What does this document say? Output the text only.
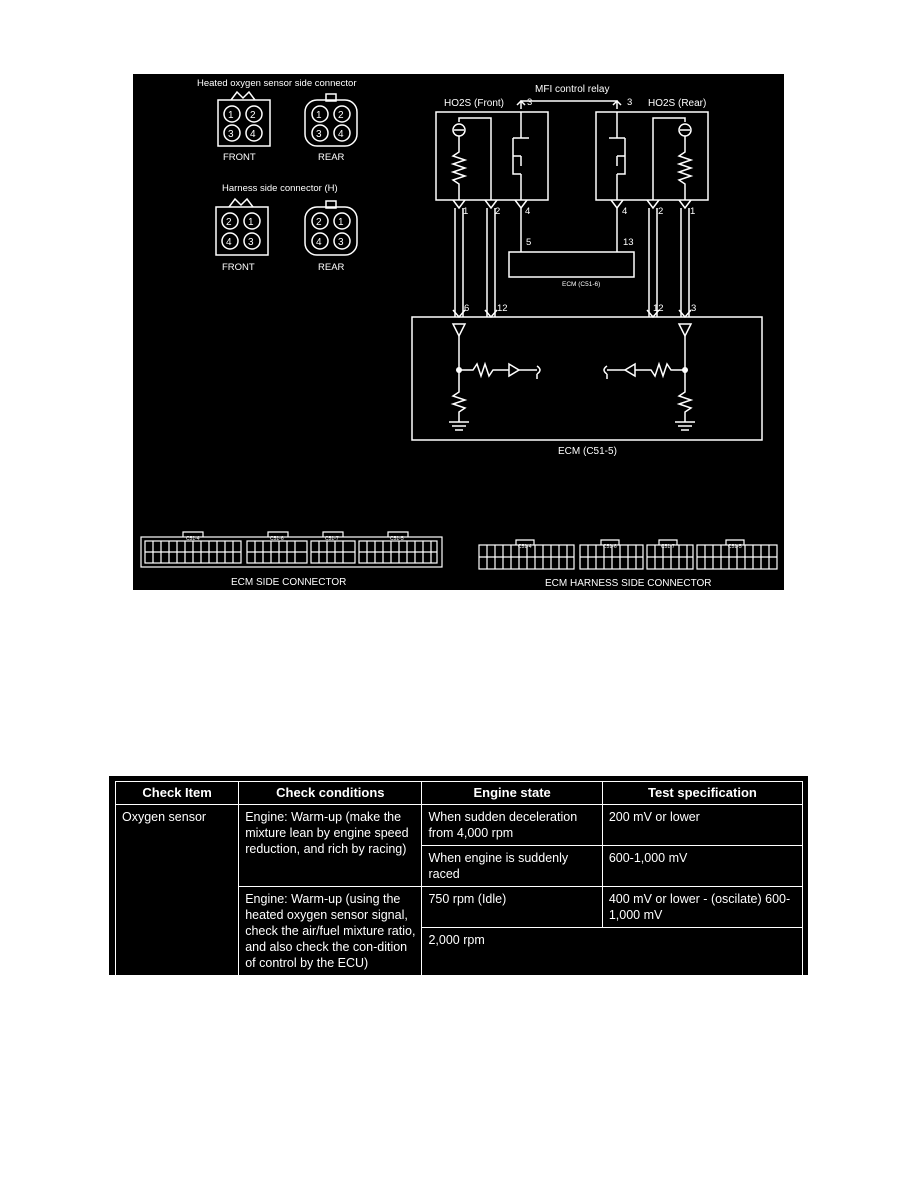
Heated oxygen sensor side connector
Harness side connector (H)
1 2
3 4
FRONT
1 2
3 4
REAR
2 1
4 3
FRONT
2 1
4 3
REAR
MFI control relay
HO2S (Front)	HO2S (Rear)
3	3
1	2	4	4	2	1
5	13
ECM (C51-6)
6	12	12	3
ECM (C51-5)
C51-4	C51-6	C51-7	C51-5
ECM SIDE CONNECTOR
C51-4	C51-6	C51-7	C51-5
ECM HARNESS SIDE CONNECTOR
Check Item	Check conditions	Engine state	Test specification
Oxygen sensor	Engine: Warm-up (make the mixture lean by engine speed reduction, and rich by racing)	When sudden deceleration from 4,000 rpm	200 mV or lower
		When engine is suddenly raced	600-1,000 mV
	Engine: Warm-up (using the heated oxygen sensor signal, check the air/fuel mixture ratio, and also check the con-dition of control by the ECU)	750 rpm (Idle)	400 mV or lower - (oscilate) 600-1,000 mV
		2,000 rpm	
